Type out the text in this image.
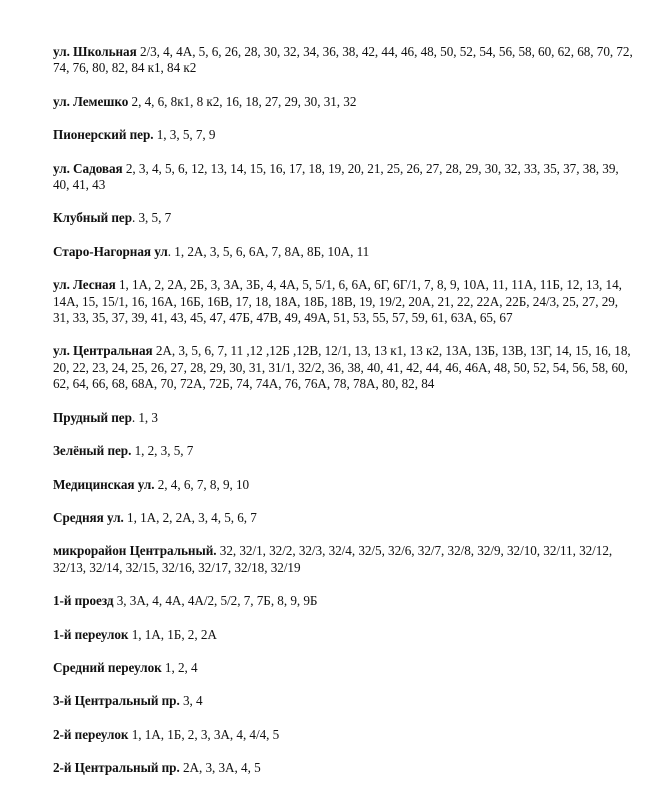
ул. Школьная 2/3, 4, 4А, 5, 6, 26, 28, 30, 32, 34, 36, 38, 42, 44, 46, 48, 50, 52, 54, 56, 58, 60, 62, 68, 70, 72, 74, 76, 80, 82, 84 к1, 84 к2

ул. Лемешко 2, 4, 6, 8к1, 8 к2, 16, 18, 27, 29, 30, 31, 32

Пионерский пер. 1, 3, 5, 7, 9

ул. Садовая 2, 3, 4, 5, 6, 12, 13, 14, 15, 16, 17, 18, 19, 20, 21, 25, 26, 27, 28, 29, 30, 32, 33, 35, 37, 38, 39, 40, 41, 43

Клубный пер. 3, 5, 7

Старо-Нагорная ул. 1, 2А, 3, 5, 6, 6А, 7, 8А, 8Б, 10А, 11

ул. Лесная 1, 1А, 2, 2А, 2Б, 3, 3А, 3Б, 4, 4А, 5, 5/1, 6, 6А, 6Г, 6Г/1, 7, 8, 9, 10А, 11, 11А, 11Б, 12, 13, 14, 14А, 15, 15/1, 16, 16А, 16Б, 16В, 17, 18, 18А, 18Б, 18В, 19, 19/2, 20А, 21, 22, 22А, 22Б, 24/3, 25, 27, 29, 31, 33, 35, 37, 39, 41, 43, 45, 47, 47Б, 47В, 49, 49А, 51, 53, 55, 57, 59, 61, 63А, 65, 67

ул. Центральная 2А, 3, 5, 6, 7, 11 ,12 ,12Б ,12В, 12/1, 13, 13 к1, 13 к2, 13А, 13Б, 13В, 13Г, 14, 15, 16, 18, 20, 22, 23, 24, 25, 26, 27, 28, 29, 30, 31, 31/1, 32/2, 36, 38, 40, 41, 42, 44, 46, 46А, 48, 50, 52, 54, 56, 58, 60, 62, 64, 66, 68, 68А, 70, 72А, 72Б, 74, 74А, 76, 76А, 78, 78А, 80, 82, 84

Прудный пер. 1, 3

Зелёный пер. 1, 2, 3, 5, 7

Медицинская ул. 2, 4, 6, 7, 8, 9, 10

Средняя ул. 1, 1А, 2, 2А, 3, 4, 5, 6, 7

микрорайон Центральный. 32, 32/1, 32/2, 32/3, 32/4, 32/5, 32/6, 32/7, 32/8, 32/9, 32/10, 32/11, 32/12, 32/13, 32/14, 32/15, 32/16, 32/17, 32/18, 32/19

1-й проезд 3, 3А, 4, 4А, 4А/2, 5/2, 7, 7Б, 8, 9, 9Б

1-й переулок 1, 1А, 1Б, 2, 2А

Средний переулок 1, 2, 4

3-й Центральный пр. 3, 4

2-й переулок 1, 1А, 1Б, 2, 3, 3А, 4, 4/4, 5

2-й Центральный пр. 2А, 3, 3А, 4, 5
